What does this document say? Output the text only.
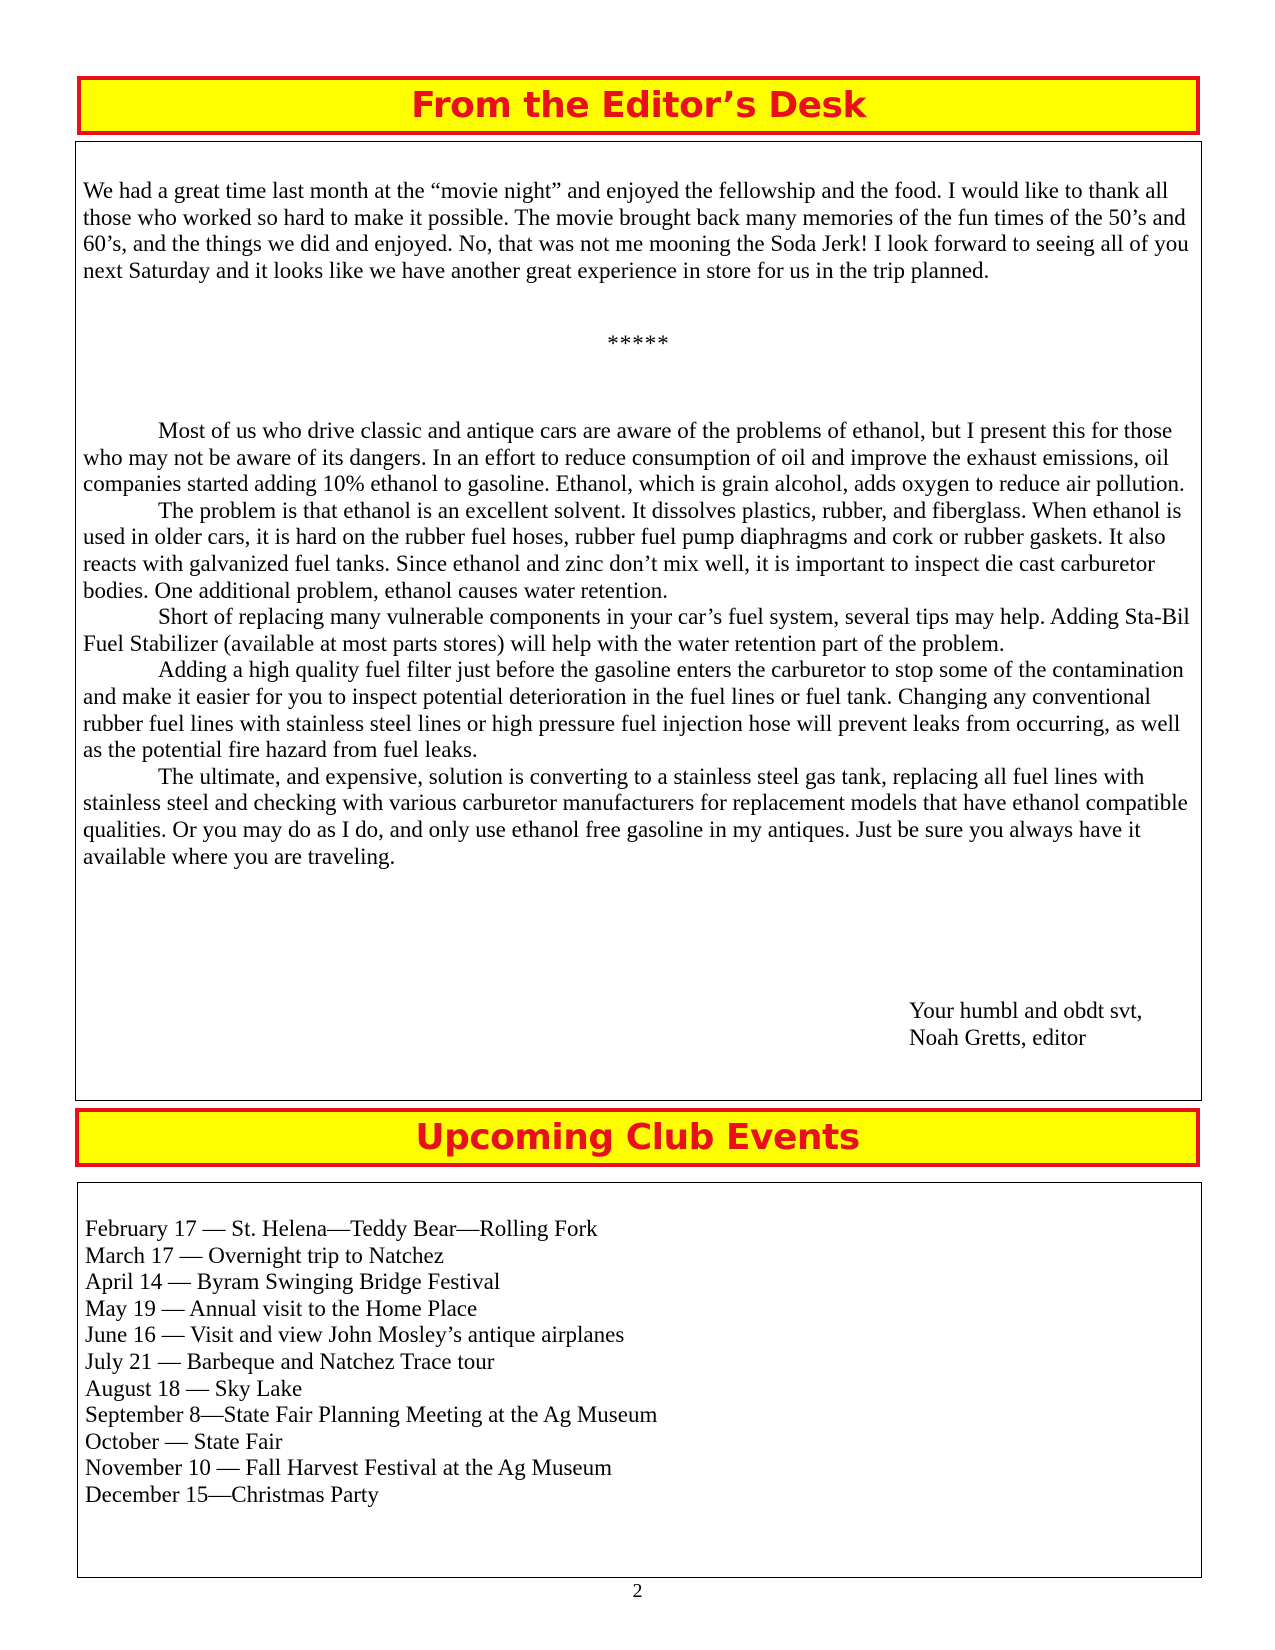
From the Editor’s Desk

We had a great time last month at the “movie night” and enjoyed the fellowship and the food. I would like to thank all those who worked so hard to make it possible. The movie brought back many memories of the fun times of the 50’s and 60’s, and the things we did and enjoyed. No, that was not me mooning the Soda Jerk! I look forward to seeing all of you next Saturday and it looks like we have another great experience in store for us in the trip planned.

*****

Most of us who drive classic and antique cars are aware of the problems of ethanol, but I present this for those who may not be aware of its dangers. In an effort to reduce consumption of oil and improve the exhaust emissions, oil companies started adding 10% ethanol to gasoline. Ethanol, which is grain alcohol, adds oxygen to reduce air pollution.

The problem is that ethanol is an excellent solvent. It dissolves plastics, rubber, and fiberglass. When ethanol is used in older cars, it is hard on the rubber fuel hoses, rubber fuel pump diaphragms and cork or rubber gaskets. It also reacts with galvanized fuel tanks. Since ethanol and zinc don’t mix well, it is important to inspect die cast carburetor bodies. One additional problem, ethanol causes water retention.

Short of replacing many vulnerable components in your car’s fuel system, several tips may help. Adding Sta-Bil Fuel Stabilizer (available at most parts stores) will help with the water retention part of the problem.

Adding a high quality fuel filter just before the gasoline enters the carburetor to stop some of the contamination and make it easier for you to inspect potential deterioration in the fuel lines or fuel tank. Changing any conventional rubber fuel lines with stainless steel lines or high pressure fuel injection hose will prevent leaks from occurring, as well as the potential fire hazard from fuel leaks.

The ultimate, and expensive, solution is converting to a stainless steel gas tank, replacing all fuel lines with stainless steel and checking with various carburetor manufacturers for replacement models that have ethanol compatible qualities. Or you may do as I do, and only use ethanol free gasoline in my antiques. Just be sure you always have it available where you are traveling.

Your humbl and obdt svt,
Noah Gretts, editor
Upcoming Club Events
February 17 — St. Helena—Teddy Bear—Rolling Fork
March 17 — Overnight trip to Natchez
April 14 — Byram Swinging Bridge Festival
May 19 — Annual visit to the Home Place
June 16 — Visit and view John Mosley’s antique airplanes
July 21 — Barbeque and Natchez Trace tour
August 18 — Sky Lake
September 8—State Fair Planning Meeting at the Ag Museum
October — State Fair
November 10 — Fall Harvest Festival at the Ag Museum
December 15—Christmas Party
2
